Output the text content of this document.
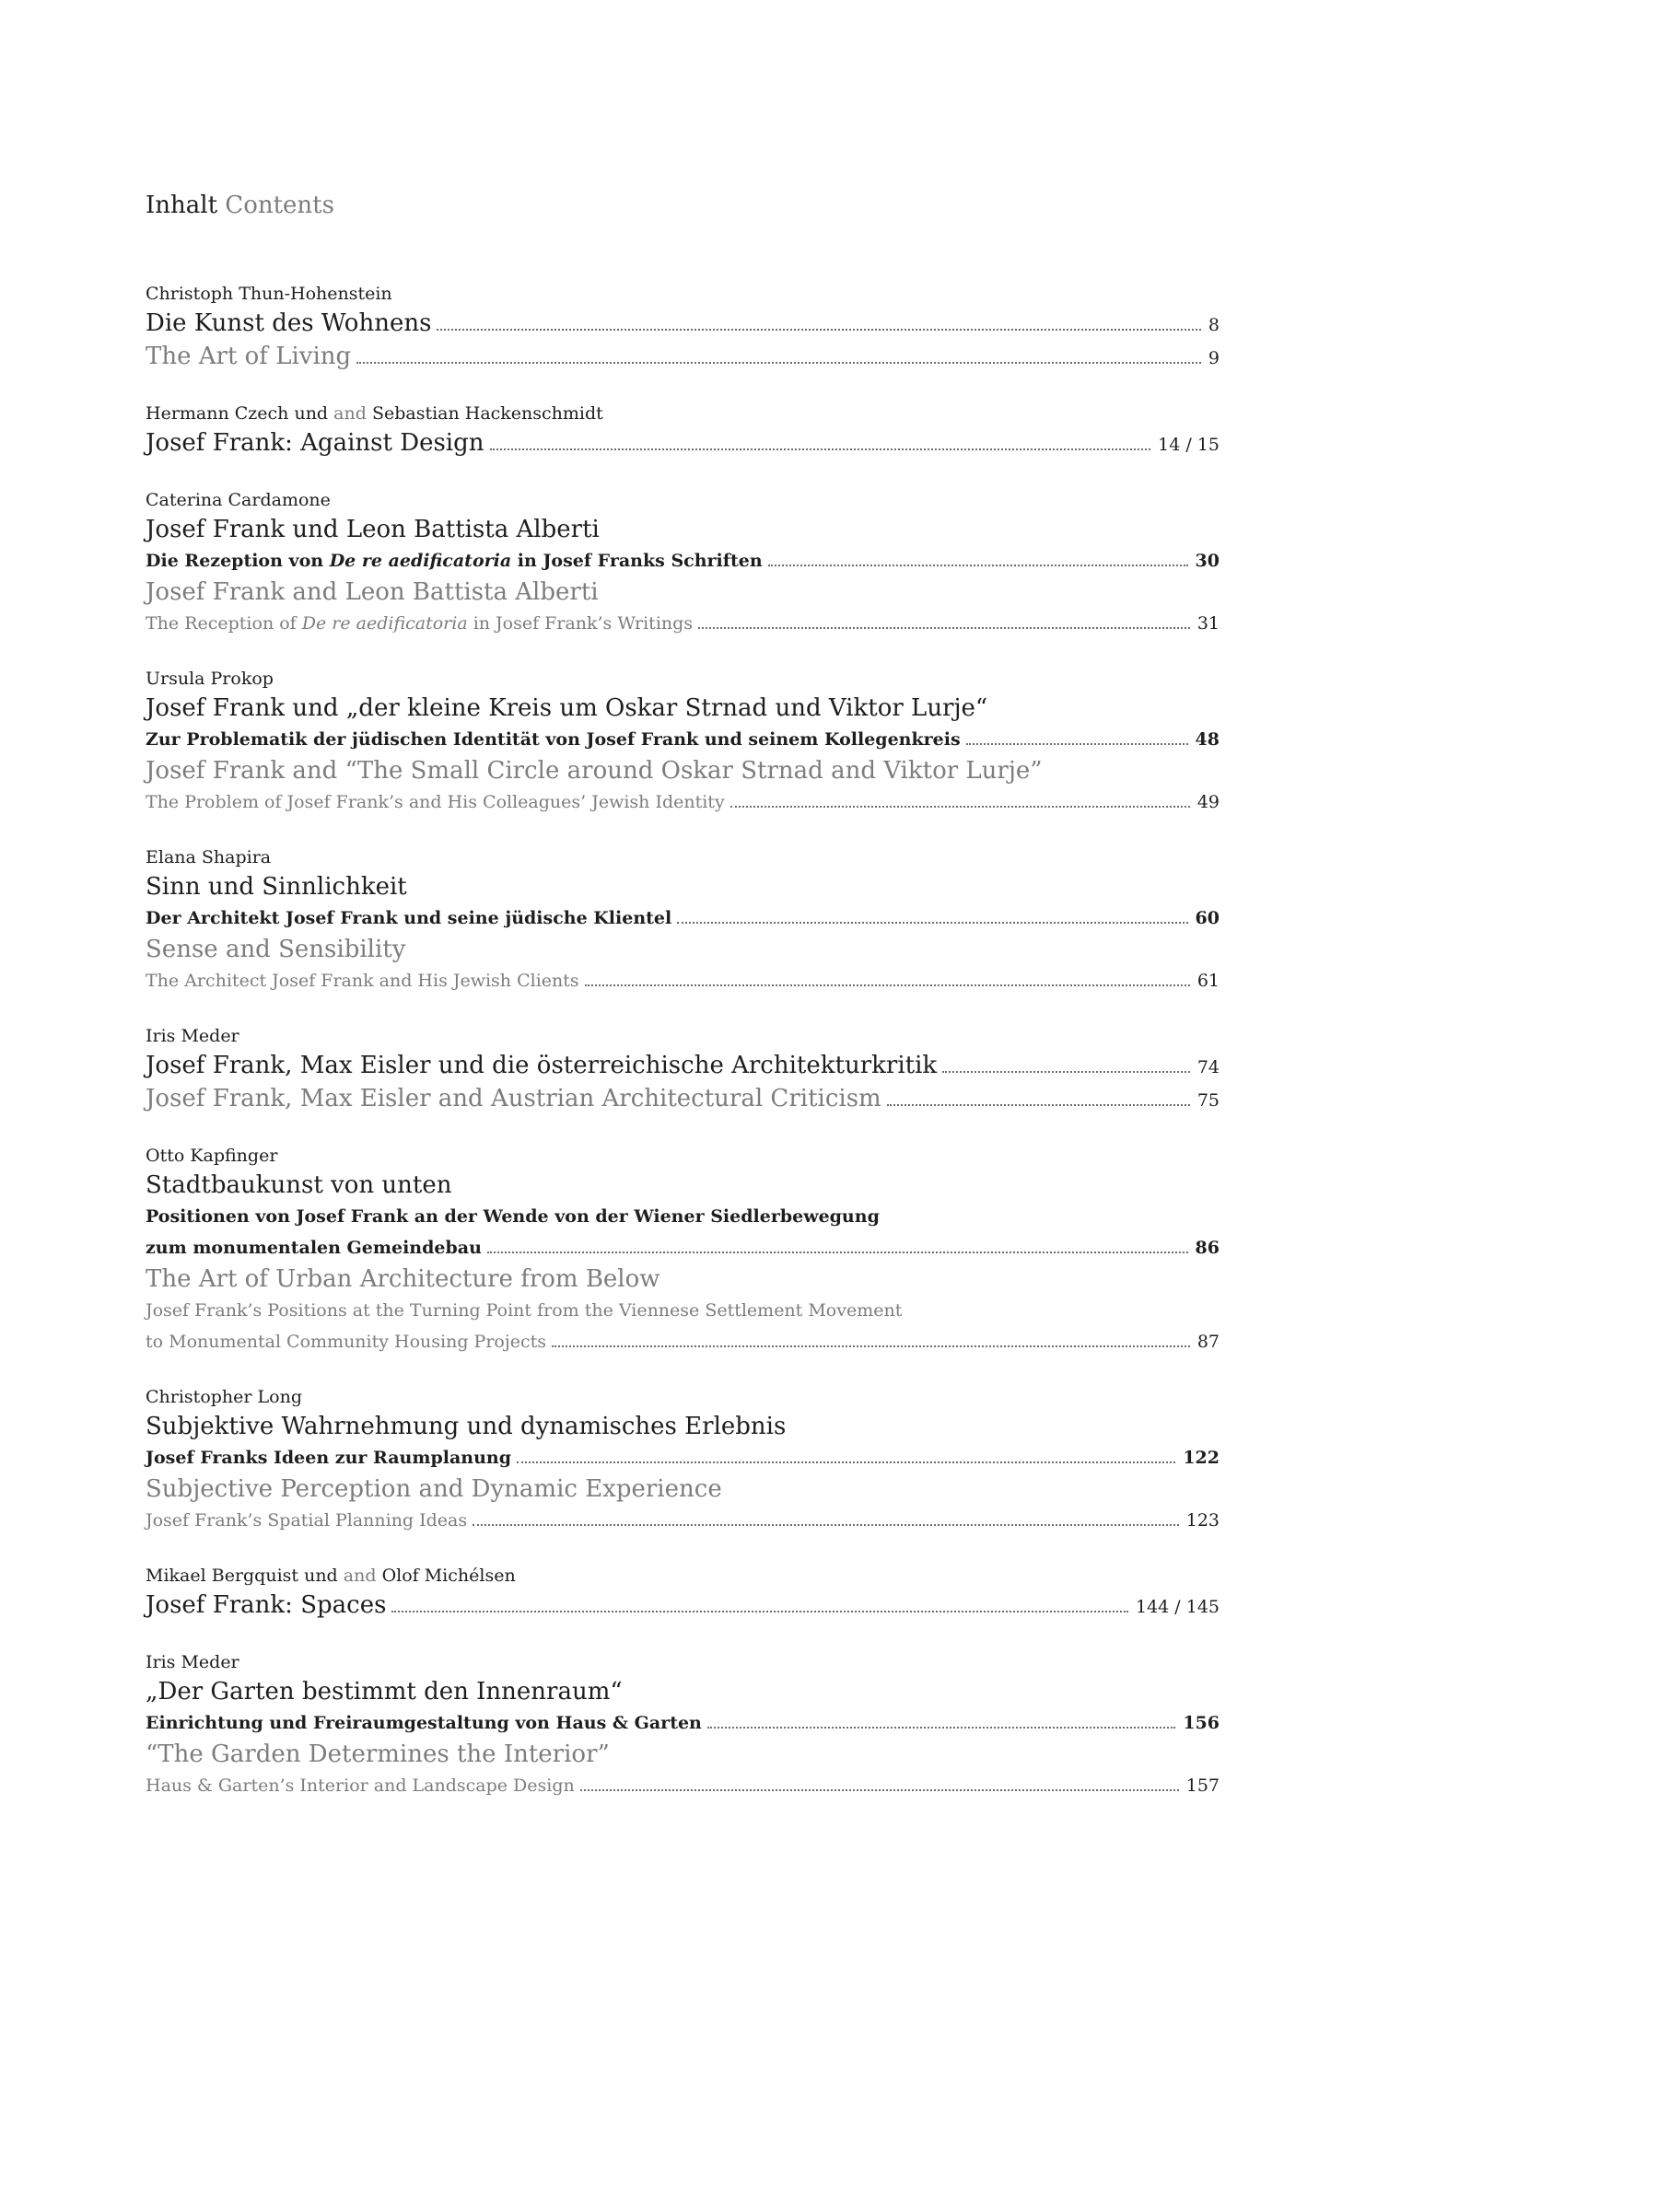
Inhalt Contents
Christoph Thun-Hohenstein
Die Kunst des Wohnens	8
The Art of Living	9
Hermann Czech und and Sebastian Hackenschmidt
Josef Frank: Against Design	14 / 15
Caterina Cardamone
Josef Frank und Leon Battista Alberti
Die Rezeption von De re aedificatoria in Josef Franks Schriften	30
Josef Frank and Leon Battista Alberti
The Reception of De re aedificatoria in Josef Frank’s Writings	31
Ursula Prokop
Josef Frank und „der kleine Kreis um Oskar Strnad und Viktor Lurje“
Zur Problematik der jüdischen Identität von Josef Frank und seinem Kollegenkreis	48
Josef Frank and “The Small Circle around Oskar Strnad and Viktor Lurje”
The Problem of Josef Frank’s and His Colleagues’ Jewish Identity	49
Elana Shapira
Sinn und Sinnlichkeit
Der Architekt Josef Frank und seine jüdische Klientel	60
Sense and Sensibility
The Architect Josef Frank and His Jewish Clients	61
Iris Meder
Josef Frank, Max Eisler und die österreichische Architekturkritik	74
Josef Frank, Max Eisler and Austrian Architectural Criticism	75
Otto Kapfinger
Stadtbaukunst von unten
Positionen von Josef Frank an der Wende von der Wiener Siedlerbewegung
zum monumentalen Gemeindebau	86
The Art of Urban Architecture from Below
Josef Frank’s Positions at the Turning Point from the Viennese Settlement Movement
to Monumental Community Housing Projects	87
Christopher Long
Subjektive Wahrnehmung und dynamisches Erlebnis
Josef Franks Ideen zur Raumplanung	122
Subjective Perception and Dynamic Experience
Josef Frank’s Spatial Planning Ideas	123
Mikael Bergquist und and Olof Michélsen
Josef Frank: Spaces	144 / 145
Iris Meder
„Der Garten bestimmt den Innenraum“
Einrichtung und Freiraumgestaltung von Haus & Garten	156
“The Garden Determines the Interior”
Haus & Garten’s Interior and Landscape Design	157
